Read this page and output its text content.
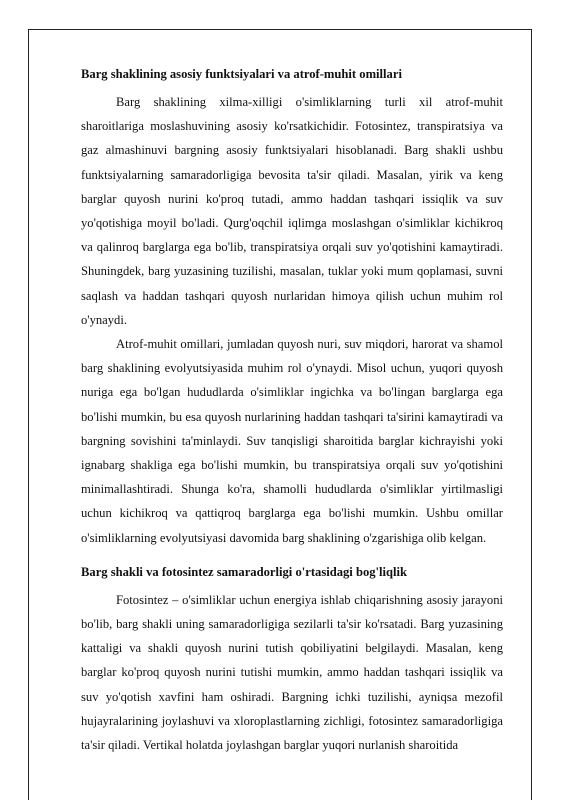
Barg shaklining asosiy funktsiyalari va atrof-muhit omillari

Barg shaklining xilma-xilligi o'simliklarning turli xil atrof-muhit sharoitlariga moslashuvining asosiy ko'rsatkichidir. Fotosintez, transpiratsiya va gaz almashinuvi bargning asosiy funktsiyalari hisoblanadi. Barg shakli ushbu funktsiyalarning samaradorligiga bevosita ta'sir qiladi. Masalan, yirik va keng barglar quyosh nurini ko'proq tutadi, ammo haddan tashqari issiqlik va suv yo'qotishiga moyil bo'ladi. Qurg'oqchil iqlimga moslashgan o'simliklar kichikroq va qalinroq barglarga ega bo'lib, transpiratsiya orqali suv yo'qotishini kamaytiradi. Shuningdek, barg yuzasining tuzilishi, masalan, tuklar yoki mum qoplamasi, suvni saqlash va haddan tashqari quyosh nurlaridan himoya qilish uchun muhim rol o'ynaydi.

Atrof-muhit omillari, jumladan quyosh nuri, suv miqdori, harorat va shamol barg shaklining evolyutsiyasida muhim rol o'ynaydi. Misol uchun, yuqori quyosh nuriga ega bo'lgan hududlarda o'simliklar ingichka va bo'lingan barglarga ega bo'lishi mumkin, bu esa quyosh nurlarining haddan tashqari ta'sirini kamaytiradi va bargning sovishini ta'minlaydi. Suv tanqisligi sharoitida barglar kichrayishi yoki ignabarg shakliga ega bo'lishi mumkin, bu transpiratsiya orqali suv yo'qotishini minimallashtiradi. Shunga ko'ra, shamolli hududlarda o'simliklar yirtilmasligi uchun kichikroq va qattiqroq barglarga ega bo'lishi mumkin. Ushbu omillar o'simliklarning evolyutsiyasi davomida barg shaklining o'zgarishiga olib kelgan.

Barg shakli va fotosintez samaradorligi o'rtasidagi bog'liqlik

Fotosintez – o'simliklar uchun energiya ishlab chiqarishning asosiy jarayoni bo'lib, barg shakli uning samaradorligiga sezilarli ta'sir ko'rsatadi. Barg yuzasining kattaligi va shakli quyosh nurini tutish qobiliyatini belgilaydi. Masalan, keng barglar ko'proq quyosh nurini tutishi mumkin, ammo haddan tashqari issiqlik va suv yo'qotish xavfini ham oshiradi. Bargning ichki tuzilishi, ayniqsa mezofil hujayralarining joylashuvi va xloroplastlarning zichligi, fotosintez samaradorligiga ta'sir qiladi. Vertikal holatda joylashgan barglar yuqori nurlanish sharoitida
